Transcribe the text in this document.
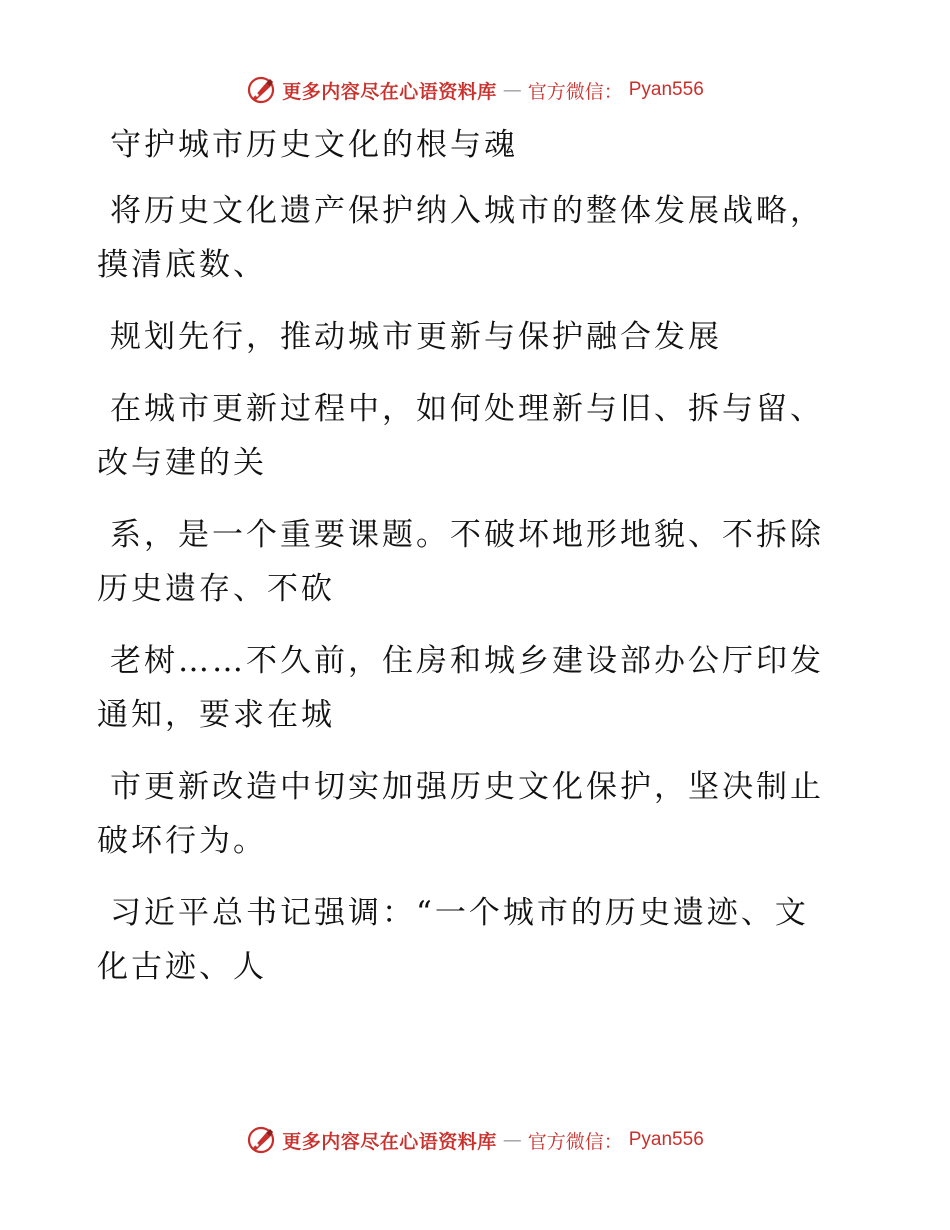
更多内容尽在心语资料库 — 官方微信： Pyan556

守护城市历史文化的根与魂

将历史文化遗产保护纳入城市的整体发展战略，摸清底数、

规划先行，推动城市更新与保护融合发展

在城市更新过程中，如何处理新与旧、拆与留、改与建的关

系，是一个重要课题。不破坏地形地貌、不拆除历史遗存、不砍

老树……不久前，住房和城乡建设部办公厅印发通知，要求在城

市更新改造中切实加强历史文化保护，坚决制止破坏行为。

习近平总书记强调：“一个城市的历史遗迹、文化古迹、人

更多内容尽在心语资料库 — 官方微信： Pyan556
